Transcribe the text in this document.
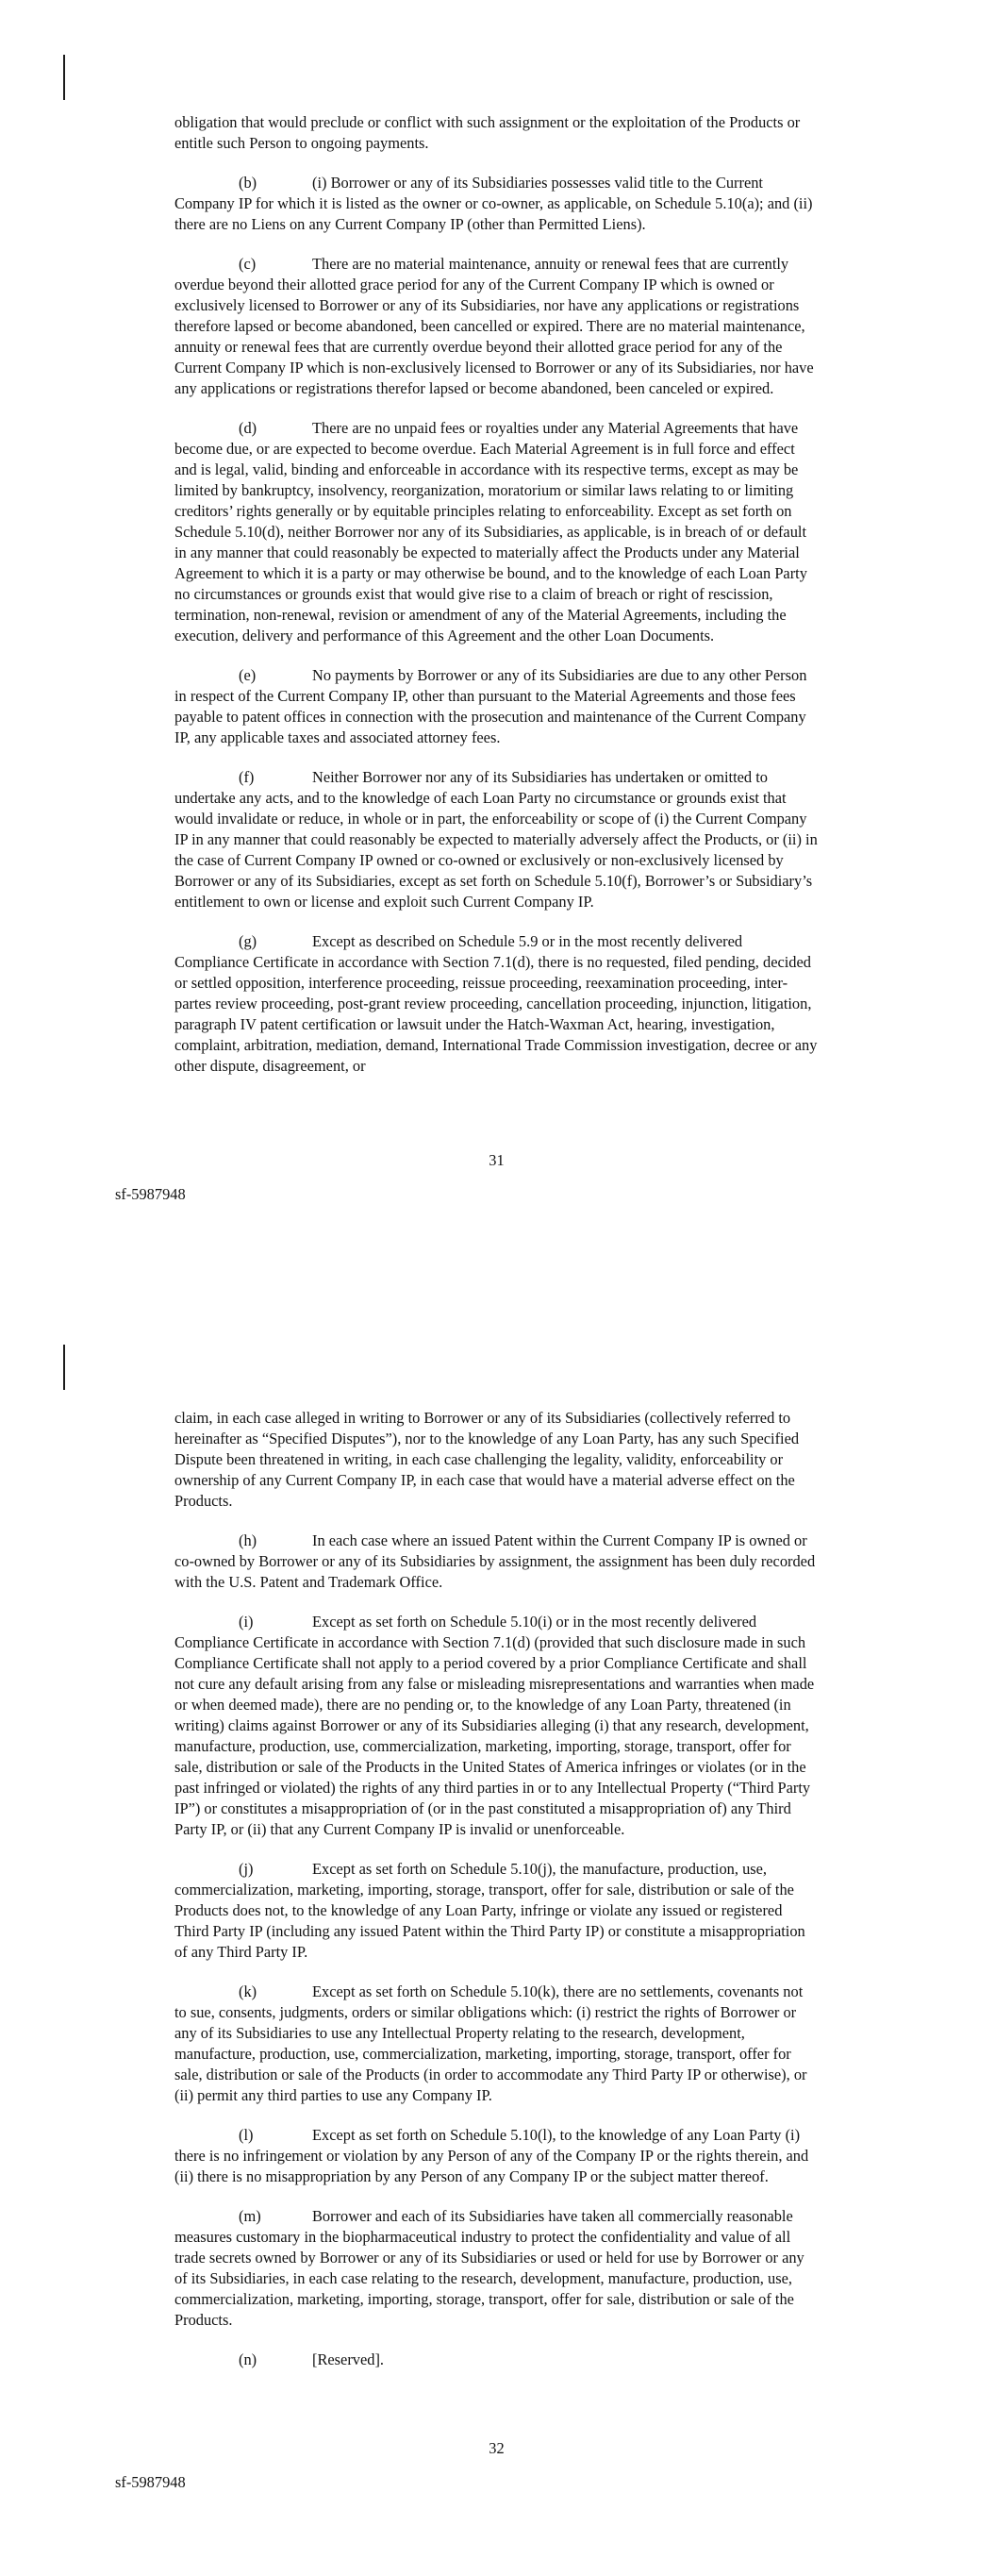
obligation that would preclude or conflict with such assignment or the exploitation of the Products or entitle such Person to ongoing payments.

(b)	(i) Borrower or any of its Subsidiaries possesses valid title to the Current Company IP for which it is listed as the owner or co-owner, as applicable, on Schedule 5.10(a); and (ii) there are no Liens on any Current Company IP (other than Permitted Liens).

(c)	There are no material maintenance, annuity or renewal fees that are currently overdue beyond their allotted grace period for any of the Current Company IP which is owned or exclusively licensed to Borrower or any of its Subsidiaries, nor have any applications or registrations therefore lapsed or become abandoned, been cancelled or expired. There are no material maintenance, annuity or renewal fees that are currently overdue beyond their allotted grace period for any of the Current Company IP which is non-exclusively licensed to Borrower or any of its Subsidiaries, nor have any applications or registrations therefor lapsed or become abandoned, been canceled or expired.

(d)	There are no unpaid fees or royalties under any Material Agreements that have become due, or are expected to become overdue. Each Material Agreement is in full force and effect and is legal, valid, binding and enforceable in accordance with its respective terms, except as may be limited by bankruptcy, insolvency, reorganization, moratorium or similar laws relating to or limiting creditors’ rights generally or by equitable principles relating to enforceability. Except as set forth on Schedule 5.10(d), neither Borrower nor any of its Subsidiaries, as applicable, is in breach of or default in any manner that could reasonably be expected to materially affect the Products under any Material Agreement to which it is a party or may otherwise be bound, and to the knowledge of each Loan Party no circumstances or grounds exist that would give rise to a claim of breach or right of rescission, termination, non-renewal, revision or amendment of any of the Material Agreements, including the execution, delivery and performance of this Agreement and the other Loan Documents.

(e)	No payments by Borrower or any of its Subsidiaries are due to any other Person in respect of the Current Company IP, other than pursuant to the Material Agreements and those fees payable to patent offices in connection with the prosecution and maintenance of the Current Company IP, any applicable taxes and associated attorney fees.

(f)	Neither Borrower nor any of its Subsidiaries has undertaken or omitted to undertake any acts, and to the knowledge of each Loan Party no circumstance or grounds exist that would invalidate or reduce, in whole or in part, the enforceability or scope of (i) the Current Company IP in any manner that could reasonably be expected to materially adversely affect the Products, or (ii) in the case of Current Company IP owned or co-owned or exclusively or non-exclusively licensed by Borrower or any of its Subsidiaries, except as set forth on Schedule 5.10(f), Borrower’s or Subsidiary’s entitlement to own or license and exploit such Current Company IP.

(g)	Except as described on Schedule 5.9 or in the most recently delivered Compliance Certificate in accordance with Section 7.1(d), there is no requested, filed pending, decided or settled opposition, interference proceeding, reissue proceeding, reexamination proceeding, inter-partes review proceeding, post-grant review proceeding, cancellation proceeding, injunction, litigation, paragraph IV patent certification or lawsuit under the Hatch-Waxman Act, hearing, investigation, complaint, arbitration, mediation, demand, International Trade Commission investigation, decree or any other dispute, disagreement, or

31
sf-5987948

claim, in each case alleged in writing to Borrower or any of its Subsidiaries (collectively referred to hereinafter as “Specified Disputes”), nor to the knowledge of any Loan Party, has any such Specified Dispute been threatened in writing, in each case challenging the legality, validity, enforceability or ownership of any Current Company IP, in each case that would have a material adverse effect on the Products.

(h)	In each case where an issued Patent within the Current Company IP is owned or co-owned by Borrower or any of its Subsidiaries by assignment, the assignment has been duly recorded with the U.S. Patent and Trademark Office.

(i)	Except as set forth on Schedule 5.10(i) or in the most recently delivered Compliance Certificate in accordance with Section 7.1(d) (provided that such disclosure made in such Compliance Certificate shall not apply to a period covered by a prior Compliance Certificate and shall not cure any default arising from any false or misleading misrepresentations and warranties when made or when deemed made), there are no pending or, to the knowledge of any Loan Party, threatened (in writing) claims against Borrower or any of its Subsidiaries alleging (i) that any research, development, manufacture, production, use, commercialization, marketing, importing, storage, transport, offer for sale, distribution or sale of the Products in the United States of America infringes or violates (or in the past infringed or violated) the rights of any third parties in or to any Intellectual Property (“Third Party IP”) or constitutes a misappropriation of (or in the past constituted a misappropriation of) any Third Party IP, or (ii) that any Current Company IP is invalid or unenforceable.

(j)	Except as set forth on Schedule 5.10(j), the manufacture, production, use, commercialization, marketing, importing, storage, transport, offer for sale, distribution or sale of the Products does not, to the knowledge of any Loan Party, infringe or violate any issued or registered Third Party IP (including any issued Patent within the Third Party IP) or constitute a misappropriation of any Third Party IP.

(k)	Except as set forth on Schedule 5.10(k), there are no settlements, covenants not to sue, consents, judgments, orders or similar obligations which: (i) restrict the rights of Borrower or any of its Subsidiaries to use any Intellectual Property relating to the research, development, manufacture, production, use, commercialization, marketing, importing, storage, transport, offer for sale, distribution or sale of the Products (in order to accommodate any Third Party IP or otherwise), or (ii) permit any third parties to use any Company IP.

(l)	Except as set forth on Schedule 5.10(l), to the knowledge of any Loan Party (i) there is no infringement or violation by any Person of any of the Company IP or the rights therein, and (ii) there is no misappropriation by any Person of any Company IP or the subject matter thereof.

(m)	Borrower and each of its Subsidiaries have taken all commercially reasonable measures customary in the biopharmaceutical industry to protect the confidentiality and value of all trade secrets owned by Borrower or any of its Subsidiaries or used or held for use by Borrower or any of its Subsidiaries, in each case relating to the research, development, manufacture, production, use, commercialization, marketing, importing, storage, transport, offer for sale, distribution or sale of the Products.

(n)	[Reserved].

32
sf-5987948
